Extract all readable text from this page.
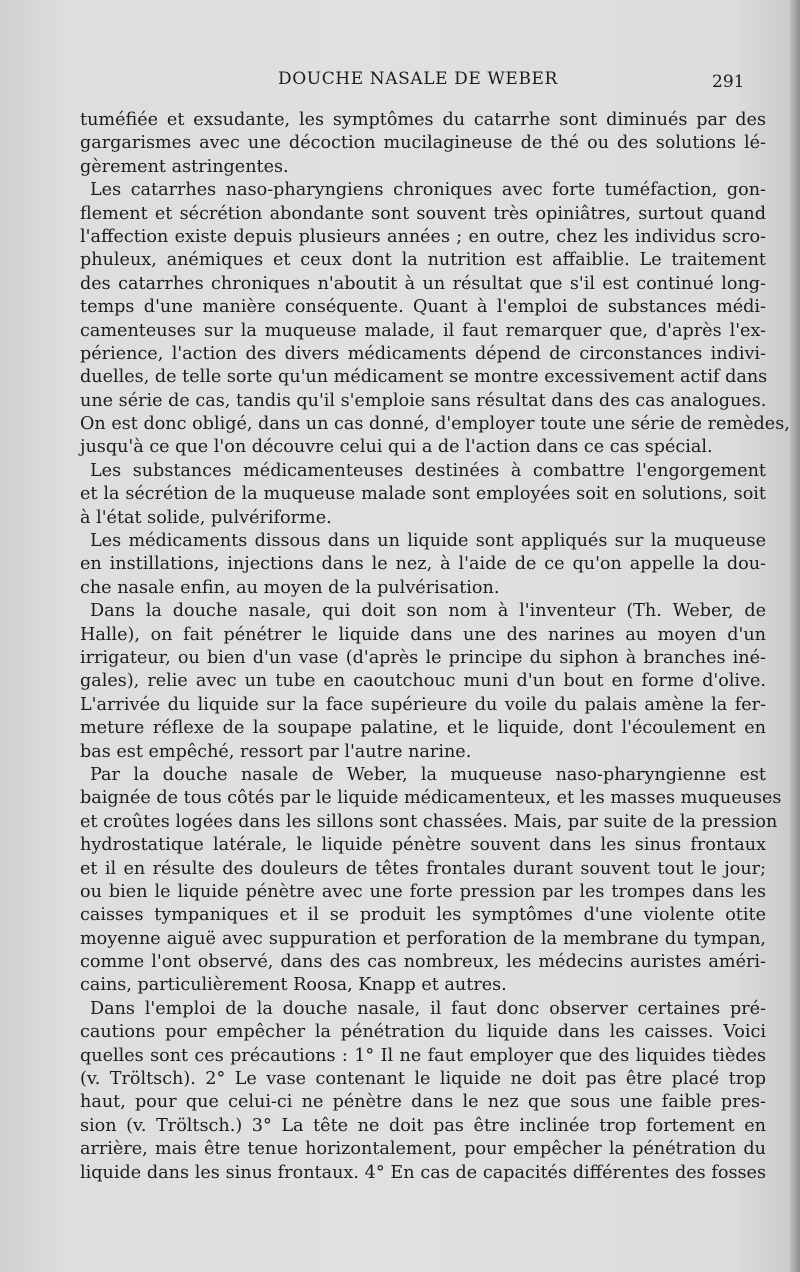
DOUCHE NASALE DE WEBER	291
tuméfiée et exsudante, les symptômes du catarrhe sont diminués par des
gargarismes avec une décoction mucilagineuse de thé ou des solutions lé-
gèrement astringentes.
Les catarrhes naso-pharyngiens chroniques avec forte tuméfaction, gon-
flement et sécrétion abondante sont souvent très opiniâtres, surtout quand
l'affection existe depuis plusieurs années ; en outre, chez les individus scro-
phuleux, anémiques et ceux dont la nutrition est affaiblie. Le traitement
des catarrhes chroniques n'aboutit à un résultat que s'il est continué long-
temps d'une manière conséquente. Quant à l'emploi de substances médi-
camenteuses sur la muqueuse malade, il faut remarquer que, d'après l'ex-
périence, l'action des divers médicaments dépend de circonstances indivi-
duelles, de telle sorte qu'un médicament se montre excessivement actif dans
une série de cas, tandis qu'il s'emploie sans résultat dans des cas analogues.
On est donc obligé, dans un cas donné, d'employer toute une série de remèdes,
jusqu'à ce que l'on découvre celui qui a de l'action dans ce cas spécial.
Les substances médicamenteuses destinées à combattre l'engorgement
et la sécrétion de la muqueuse malade sont employées soit en solutions, soit
à l'état solide, pulvériforme.
Les médicaments dissous dans un liquide sont appliqués sur la muqueuse
en instillations, injections dans le nez, à l'aide de ce qu'on appelle la dou-
che nasale enfin, au moyen de la pulvérisation.
Dans la douche nasale, qui doit son nom à l'inventeur (Th. Weber, de
Halle), on fait pénétrer le liquide dans une des narines au moyen d'un
irrigateur, ou bien d'un vase (d'après le principe du siphon à branches iné-
gales), relie avec un tube en caoutchouc muni d'un bout en forme d'olive.
L'arrivée du liquide sur la face supérieure du voile du palais amène la fer-
meture réflexe de la soupape palatine, et le liquide, dont l'écoulement en
bas est empêché, ressort par l'autre narine.
Par la douche nasale de Weber, la muqueuse naso-pharyngienne est
baignée de tous côtés par le liquide médicamenteux, et les masses muqueuses
et croûtes logées dans les sillons sont chassées. Mais, par suite de la pression
hydrostatique latérale, le liquide pénètre souvent dans les sinus frontaux
et il en résulte des douleurs de têtes frontales durant souvent tout le jour;
ou bien le liquide pénètre avec une forte pression par les trompes dans les
caisses tympaniques et il se produit les symptômes d'une violente otite
moyenne aiguë avec suppuration et perforation de la membrane du tympan,
comme l'ont observé, dans des cas nombreux, les médecins auristes améri-
cains, particulièrement Roosa, Knapp et autres.
Dans l'emploi de la douche nasale, il faut donc observer certaines pré-
cautions pour empêcher la pénétration du liquide dans les caisses. Voici
quelles sont ces précautions : 1° Il ne faut employer que des liquides tièdes
(v. Tröltsch). 2° Le vase contenant le liquide ne doit pas être placé trop
haut, pour que celui-ci ne pénètre dans le nez que sous une faible pres-
sion (v. Tröltsch.) 3° La tête ne doit pas être inclinée trop fortement en
arrière, mais être tenue horizontalement, pour empêcher la pénétration du
liquide dans les sinus frontaux. 4° En cas de capacités différentes des fosses
